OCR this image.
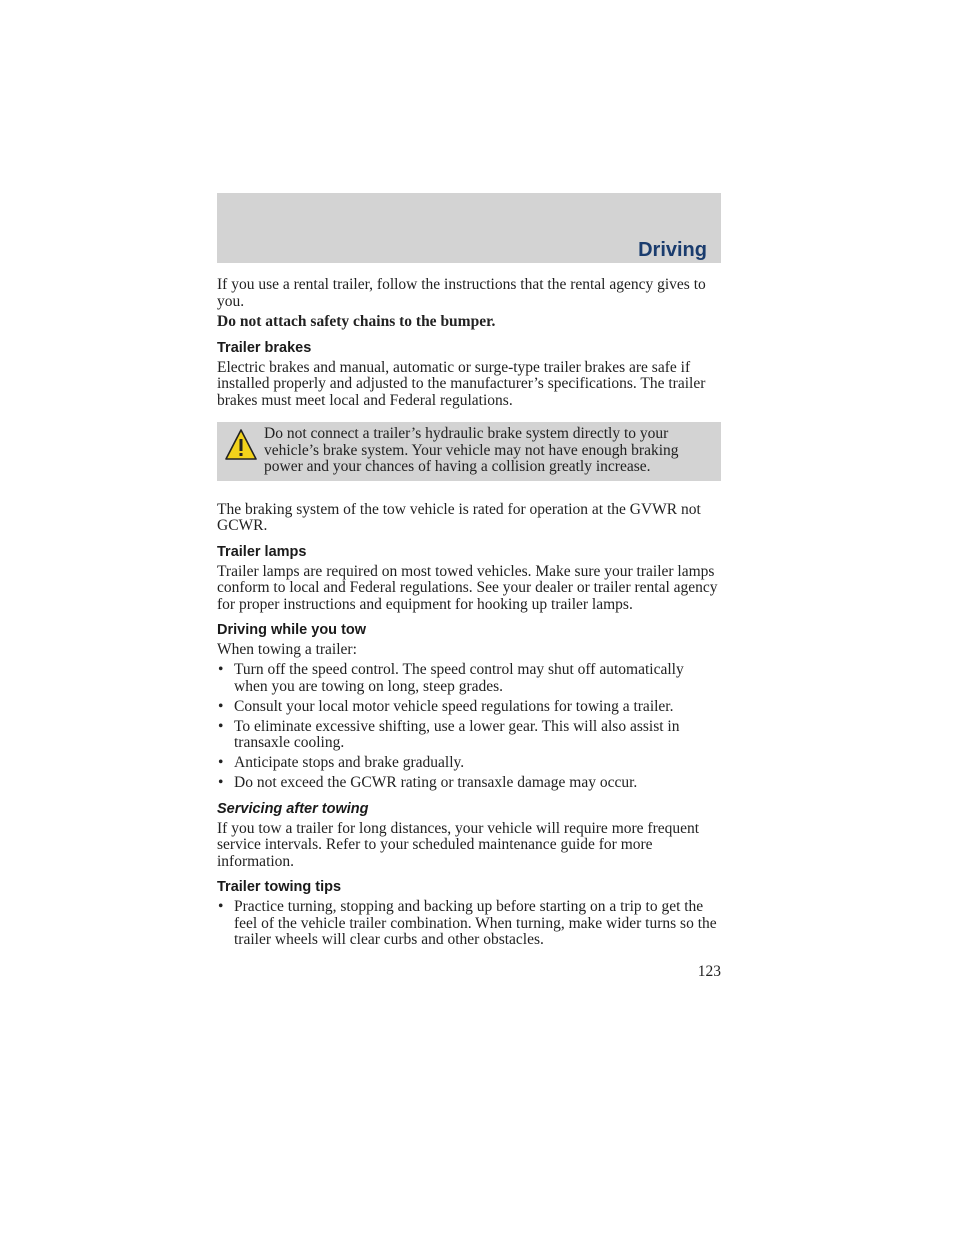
Driving

If you use a rental trailer, follow the instructions that the rental agency gives to you.

Do not attach safety chains to the bumper.

Trailer brakes

Electric brakes and manual, automatic or surge-type trailer brakes are safe if installed properly and adjusted to the manufacturer’s specifications. The trailer brakes must meet local and Federal regulations.

Do not connect a trailer’s hydraulic brake system directly to your vehicle’s brake system. Your vehicle may not have enough braking power and your chances of having a collision greatly increase.

The braking system of the tow vehicle is rated for operation at the GVWR not GCWR.

Trailer lamps

Trailer lamps are required on most towed vehicles. Make sure your trailer lamps conform to local and Federal regulations. See your dealer or trailer rental agency for proper instructions and equipment for hooking up trailer lamps.

Driving while you tow

When towing a trailer:

• Turn off the speed control. The speed control may shut off automatically when you are towing on long, steep grades.
• Consult your local motor vehicle speed regulations for towing a trailer.
• To eliminate excessive shifting, use a lower gear. This will also assist in transaxle cooling.
• Anticipate stops and brake gradually.
• Do not exceed the GCWR rating or transaxle damage may occur.
Servicing after towing

If you tow a trailer for long distances, your vehicle will require more frequent service intervals. Refer to your scheduled maintenance guide for more information.

Trailer towing tips
• Practice turning, stopping and backing up before starting on a trip to get the feel of the vehicle trailer combination. When turning, make wider turns so the trailer wheels will clear curbs and other obstacles.
123
